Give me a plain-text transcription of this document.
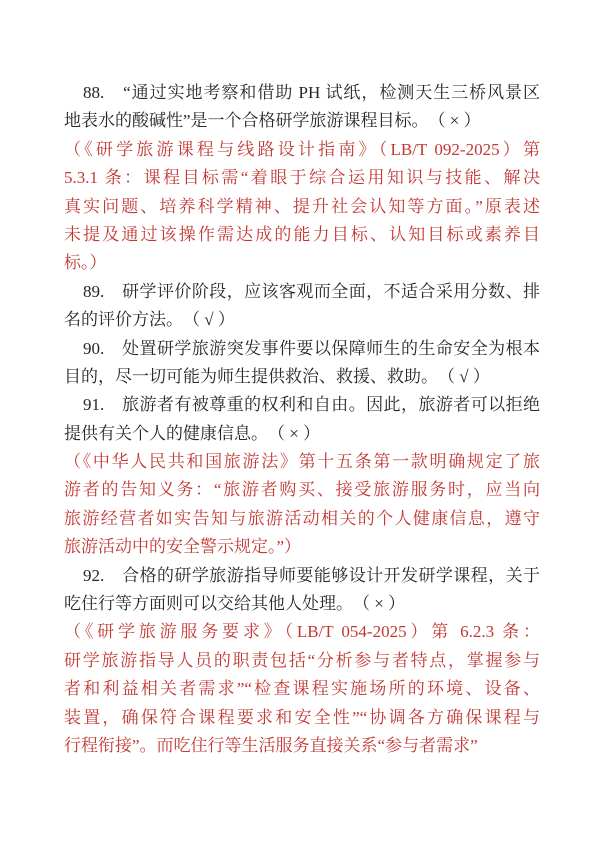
88.　“通过实地考察和借助 PH 试纸，检测天生三桥风景区
地表水的酸碱性”是一个合格研学旅游课程目标。　（ × ）
（《研学旅游课程与线路设计指南》（LB/T 092-2025）第
5.3.1 条：课程目标需“着眼于综合运用知识与技能、解决
真实问题、培养科学精神、提升社会认知等方面。”原表述
未提及通过该操作需达成的能力目标、认知目标或素养目
标。）
89.　研学评价阶段，应该客观而全面，不适合采用分数、排
名的评价方法。　（ √ ）
90.　处置研学旅游突发事件要以保障师生的生命安全为根本
目的，尽一切可能为师生提供救治、救援、救助。　（ √ ）
91.　旅游者有被尊重的权利和自由。因此，旅游者可以拒绝
提供有关个人的健康信息。　（ × ）
（《中华人民共和国旅游法》第十五条第一款明确规定了旅
游者的告知义务：“旅游者购买、接受旅游服务时，应当向
旅游经营者如实告知与旅游活动相关的个人健康信息，遵守
旅游活动中的安全警示规定。”）
92.　合格的研学旅游指导师要能够设计开发研学课程，关于
吃住行等方面则可以交给其他人处理。　（ × ）
（《研学旅游服务要求》（LB/T 054-2025）第 6.2.3 条：
研学旅游指导人员的职责包括“分析参与者特点，掌握参与
者和利益相关者需求”“检查课程实施场所的环境、设备、
装置，确保符合课程要求和安全性”“协调各方确保课程与
行程衔接”。而吃住行等生活服务直接关系“参与者需求”
